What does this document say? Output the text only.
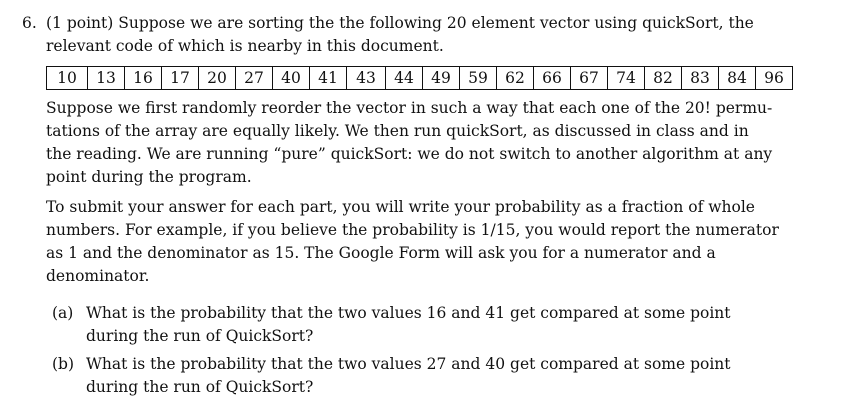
6. (1 point) Suppose we are sorting the the following 20 element vector using quickSort, the
relevant code of which is nearby in this document.
10	13	16	17	20	27	40	41	43	44	49	59	62	66	67	74	82	83	84	96
Suppose we first randomly reorder the vector in such a way that each one of the 20! permu-
tations of the array are equally likely. We then run quickSort, as discussed in class and in
the reading. We are running “pure” quickSort: we do not switch to another algorithm at any
point during the program.
To submit your answer for each part, you will write your probability as a fraction of whole
numbers. For example, if you believe the probability is 1/15, you would report the numerator
as 1 and the denominator as 15. The Google Form will ask you for a numerator and a
denominator.
(a) What is the probability that the two values 16 and 41 get compared at some point
during the run of QuickSort?
(b) What is the probability that the two values 27 and 40 get compared at some point
during the run of QuickSort?
